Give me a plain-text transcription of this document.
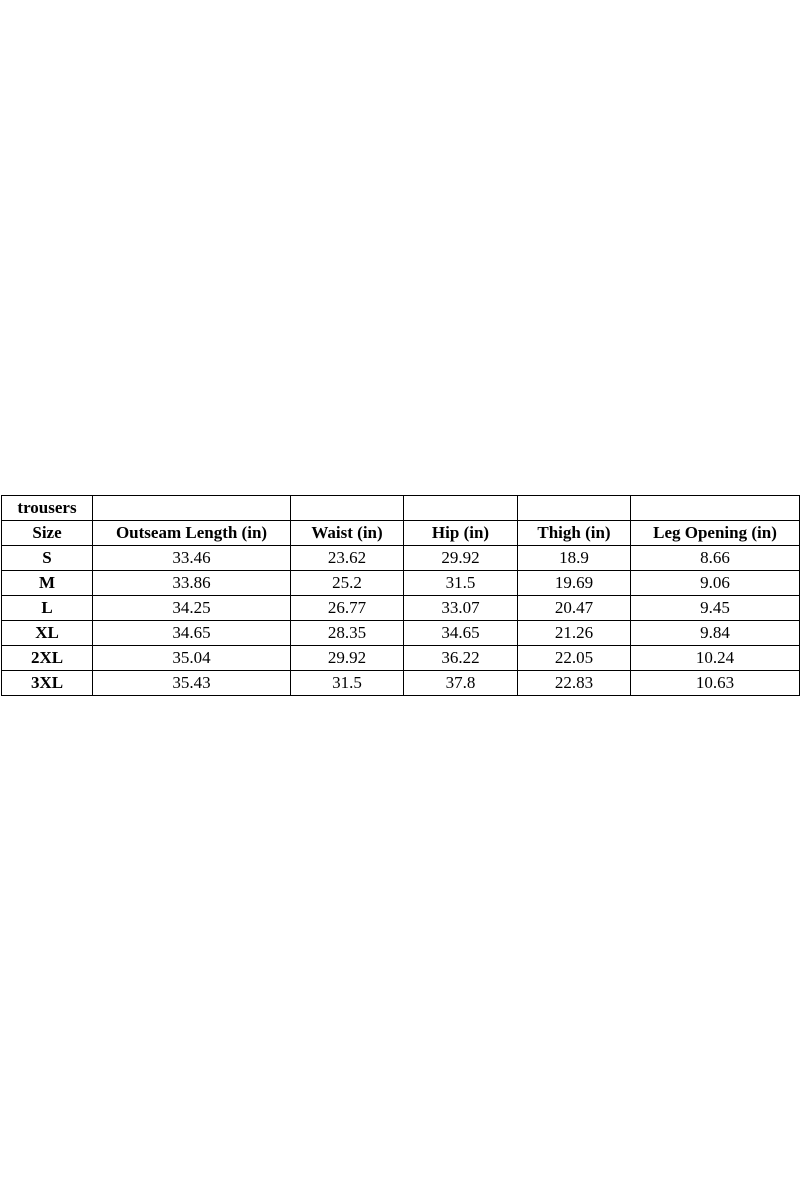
trousers					
Size	Outseam Length (in)	Waist (in)	Hip (in)	Thigh (in)	Leg Opening (in)
S	33.46	23.62	29.92	18.9	8.66
M	33.86	25.2	31.5	19.69	9.06
L	34.25	26.77	33.07	20.47	9.45
XL	34.65	28.35	34.65	21.26	9.84
2XL	35.04	29.92	36.22	22.05	10.24
3XL	35.43	31.5	37.8	22.83	10.63
